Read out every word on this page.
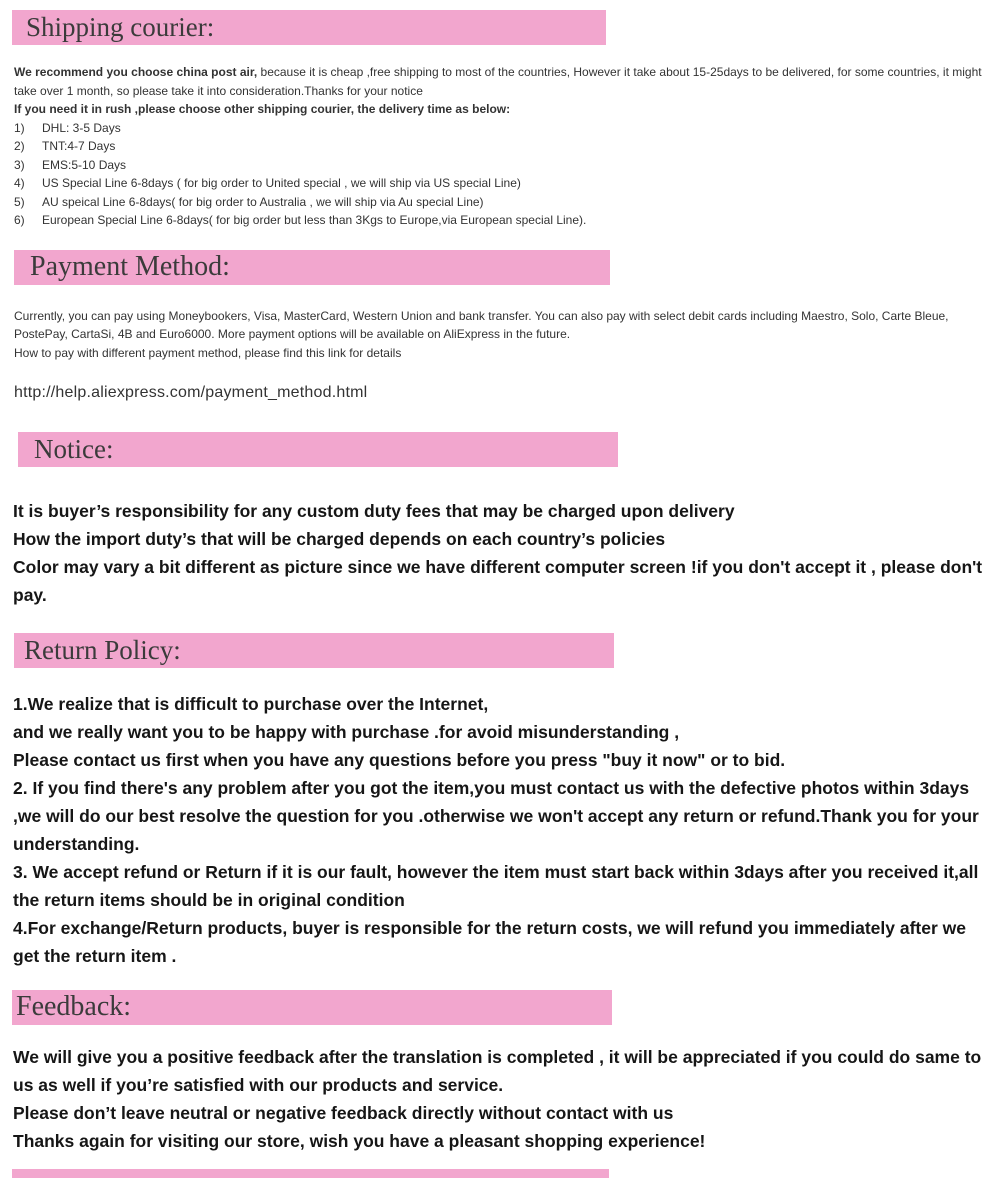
Shipping courier:
We recommend you choose china post air, because it is cheap ,free shipping to most of the countries, However it take about 15-25days to be delivered, for some countries, it might take over 1 month, so please take it into consideration.Thanks for your notice
If you need it in rush ,please choose other shipping courier, the delivery time as below:
1)	DHL: 3-5 Days
2)	TNT:4-7 Days
3)	EMS:5-10 Days
4)	US Special Line 6-8days ( for big order to United special , we will ship via US special Line)
5)	AU speical Line 6-8days( for big order to Australia , we will ship via Au special Line)
6)	European Special Line 6-8days( for big order but less than 3Kgs to Europe,via European special Line).
Payment Method:
Currently, you can pay using Moneybookers, Visa, MasterCard, Western Union and bank transfer. You can also pay with select debit cards including Maestro, Solo, Carte Bleue, PostePay, CartaSi, 4B and Euro6000. More payment options will be available on AliExpress in the future.
How to pay with different payment method, please find this link for details
http://help.aliexpress.com/payment_method.html
Notice:
It is buyer’s responsibility for any custom duty fees that may be charged upon delivery
How the import duty’s that will be charged depends on each country’s policies
Color may vary a bit different as picture since we have different computer screen !if you don't accept it , please don't pay.
Return Policy:
1.We realize that is difficult to purchase over the Internet,
and we really want you to be happy with purchase .for avoid misunderstanding ,
Please contact us first when you have any questions before you press "buy it now" or to bid.
2. If you find there's any problem after you got the item,you must contact us with the defective photos within 3days ,we will do our best resolve the question for you .otherwise we won't accept any return or refund.Thank you for your understanding.
3. We accept refund or Return if it is our fault, however the item must start back within 3days after you received it,all the return items should be in original condition
4.For exchange/Return products, buyer is responsible for the return costs, we will refund you immediately after we get the return item .
Feedback:
We will give you a positive feedback after the translation is completed , it will be appreciated if you could do same to us as well if you’re satisfied with our products and service.
Please don’t leave neutral or negative feedback directly without contact with us
Thanks again for visiting our store, wish you have a pleasant shopping experience!
